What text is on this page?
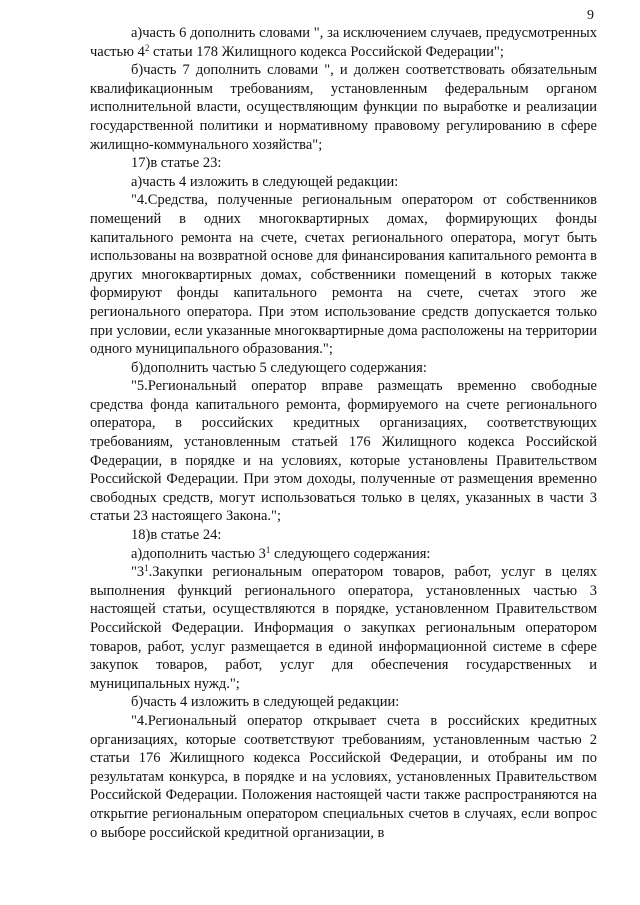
9

а)часть 6 дополнить словами ", за исключением случаев, предусмотренных частью $4^2$ статьи 178 Жилищного кодекса Российской Федерации";

б)часть 7 дополнить словами ", и должен соответствовать обязательным квалификационным требованиям, установленным федеральным органом исполнительной власти, осуществляющим функции по выработке и реализации государственной политики и нормативному правовому регулированию в сфере жилищно-коммунального хозяйства";

17)в статье 23:

а)часть 4 изложить в следующей редакции:

"4.Средства, полученные региональным оператором от собственников помещений в одних многоквартирных домах, формирующих фонды капитального ремонта на счете, счетах регионального оператора, могут быть использованы на возвратной основе для финансирования капитального ремонта в других многоквартирных домах, собственники помещений в которых также формируют фонды капитального ремонта на счете, счетах этого же регионального оператора. При этом использование средств допускается только при условии, если указанные многоквартирные дома расположены на территории одного муниципального образования.";

б)дополнить частью 5 следующего содержания:

"5.Региональный оператор вправе размещать временно свободные средства фонда капитального ремонта, формируемого на счете регионального оператора, в российских кредитных организациях, соответствующих требованиям, установленным статьей 176 Жилищного кодекса Российской Федерации, в порядке и на условиях, которые установлены Правительством Российской Федерации. При этом доходы, полученные от размещения временно свободных средств, могут использоваться только в целях, указанных в части 3 статьи 23 настоящего Закона.";

18)в статье 24:

а)дополнить частью $3^1$ следующего содержания:

"$3^1.Закупки$ региональным оператором товаров, работ, услуг в целях выполнения функций регионального оператора, установленных частью 3 настоящей статьи, осуществляются в порядке, установленном Правительством Российской Федерации. Информация о закупках региональным оператором товаров, работ, услуг размещается в единой информационной системе в сфере закупок товаров, работ, услуг для обеспечения государственных и муниципальных нужд.";

б)часть 4 изложить в следующей редакции:

"4.Региональный оператор открывает счета в российских кредитных организациях, которые соответствуют требованиям, установленным частью 2 статьи 176 Жилищного кодекса Российской Федерации, и отобраны им по результатам конкурса, в порядке и на условиях, установленных Правительством Российской Федерации. Положения настоящей части также распространяются на открытие региональным оператором специальных счетов в случаях, если вопрос о выборе российской кредитной организации, в
